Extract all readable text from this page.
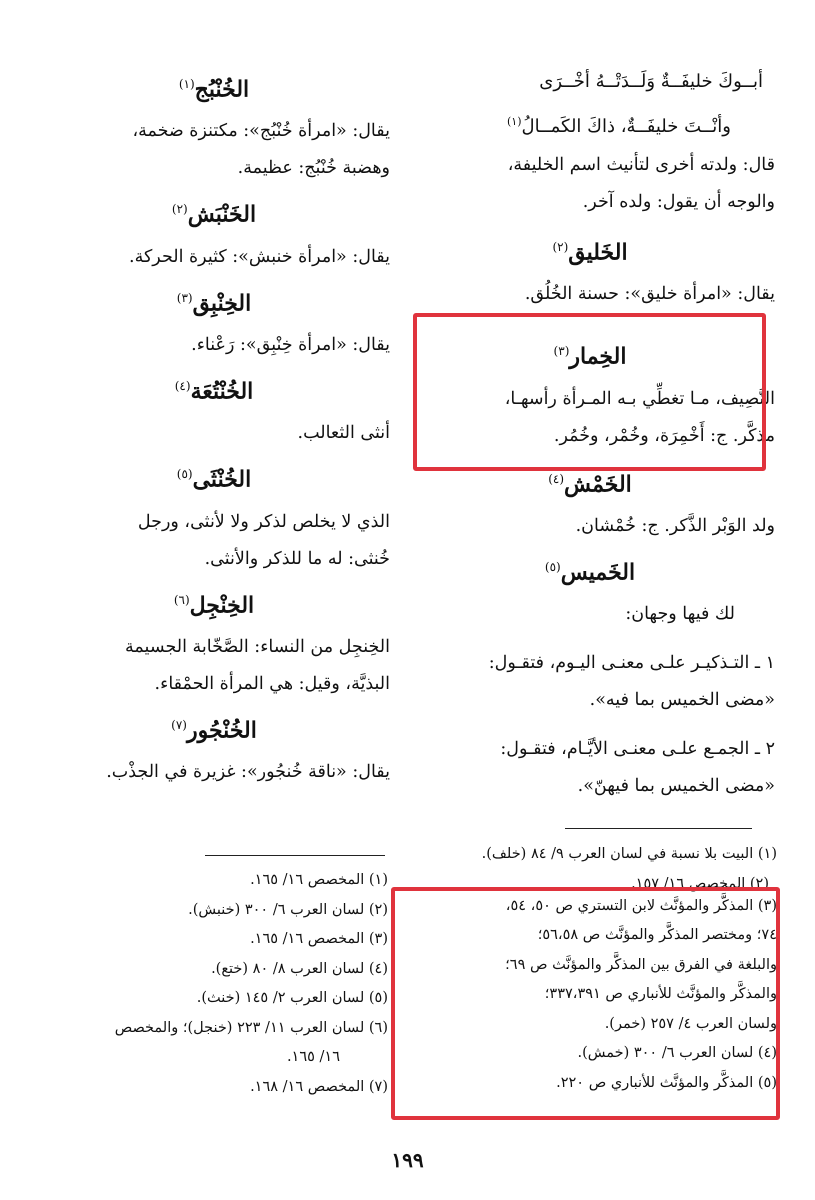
أبــوكَ خليفَــةٌ وَلَــدَتْــهُ أخْــرَى
وأنْــتَ خليفَــةٌ، ذاكَ الكَمــالُ$^{(١)}$

قال: ولدته أخرى لتأنيث اسم الخليفة،

والوجه أن يقول: ولده آخر.

الخَليق$^{(٢)}$

يقال: «امرأة خليق»: حسنة الخُلُق.

الخِمار$^{(٣)}$

النَّصِيف، مـا تغطِّي بـه المـرأة رأسهـا،

مذكَّر. ج: أَخْمِرَة، وخُمْر، وخُمُر.

الخَمْش$^{(٤)}$

ولد الوَبْر الذَّكر. ج: خُمْشان.

الخَميس$^{(٥)}$

لك فيها وجهان:

١ ـ التـذكيـر علـى معنـى اليـوم، فتقـول:

«مضى الخميس بما فيه».

٢ ـ الجمـع علـى معنـى الأيَّـام، فتقـول:

«مضى الخميس بما فيهنّ».

الخُنْبُج$^{(١)}$

يقال: «امرأة خُنْبُج»: مكتنزة ضخمة،

وهضبة خُنْبُج: عظيمة.

الخَنْبَش$^{(٢)}$

يقال: «امرأة خنبش»: كثيرة الحركة.

الخِنْبِق$^{(٣)}$

يقال: «امرأة خِنْبِق»: رَعْناء.

الخُنْتُعَة$^{(٤)}$

أنثى الثعالب.

الخُنْثَى$^{(٥)}$

الذي لا يخلص لذكر ولا لأنثى، ورجل

خُنثى: له ما للذكر والأنثى.

الخِنْجِل$^{(٦)}$

الخِنجِل من النساء: الصَّخّابة الجسيمة

البذيَّة، وقيل: هي المرأة الحمْقاء.

الخُنْجُور$^{(٧)}$

يقال: «ناقة خُنجُور»: غزيرة في الجذْب.

(١) البيت بلا نسبة في لسان العرب ٩/ ٨٤ (خلف).

(٢) المخصص ١٦/ ١٥٧.

(٣) المذكَّر والمؤنَّث لابن التستري ص ٥٠، ٥٤،

٧٤؛ ومختصر المذكَّر والمؤنَّث ص ٥٦،٥٨؛

والبلغة في الفرق بين المذكَّر والمؤنَّث ص ٦٩؛

والمذكَّر والمؤنَّث للأنباري ص ٣٣٧،٣٩١؛

ولسان العرب ٤/ ٢٥٧ (خمر).

(٤) لسان العرب ٦/ ٣٠٠ (خمش).

(٥) المذكَّر والمؤنَّث للأنباري ص ٢٢٠.

(١) المخصص ١٦/ ١٦٥.

(٢) لسان العرب ٦/ ٣٠٠ (خنبش).

(٣) المخصص ١٦/ ١٦٥.

(٤) لسان العرب ٨/ ٨٠ (ختع).

(٥) لسان العرب ٢/ ١٤٥ (خنث).

(٦) لسان العرب ١١/ ٢٢٣ (خنجل)؛ والمخصص

١٦/ ١٦٥.

(٧) المخصص ١٦/ ١٦٨.

١٩٩
